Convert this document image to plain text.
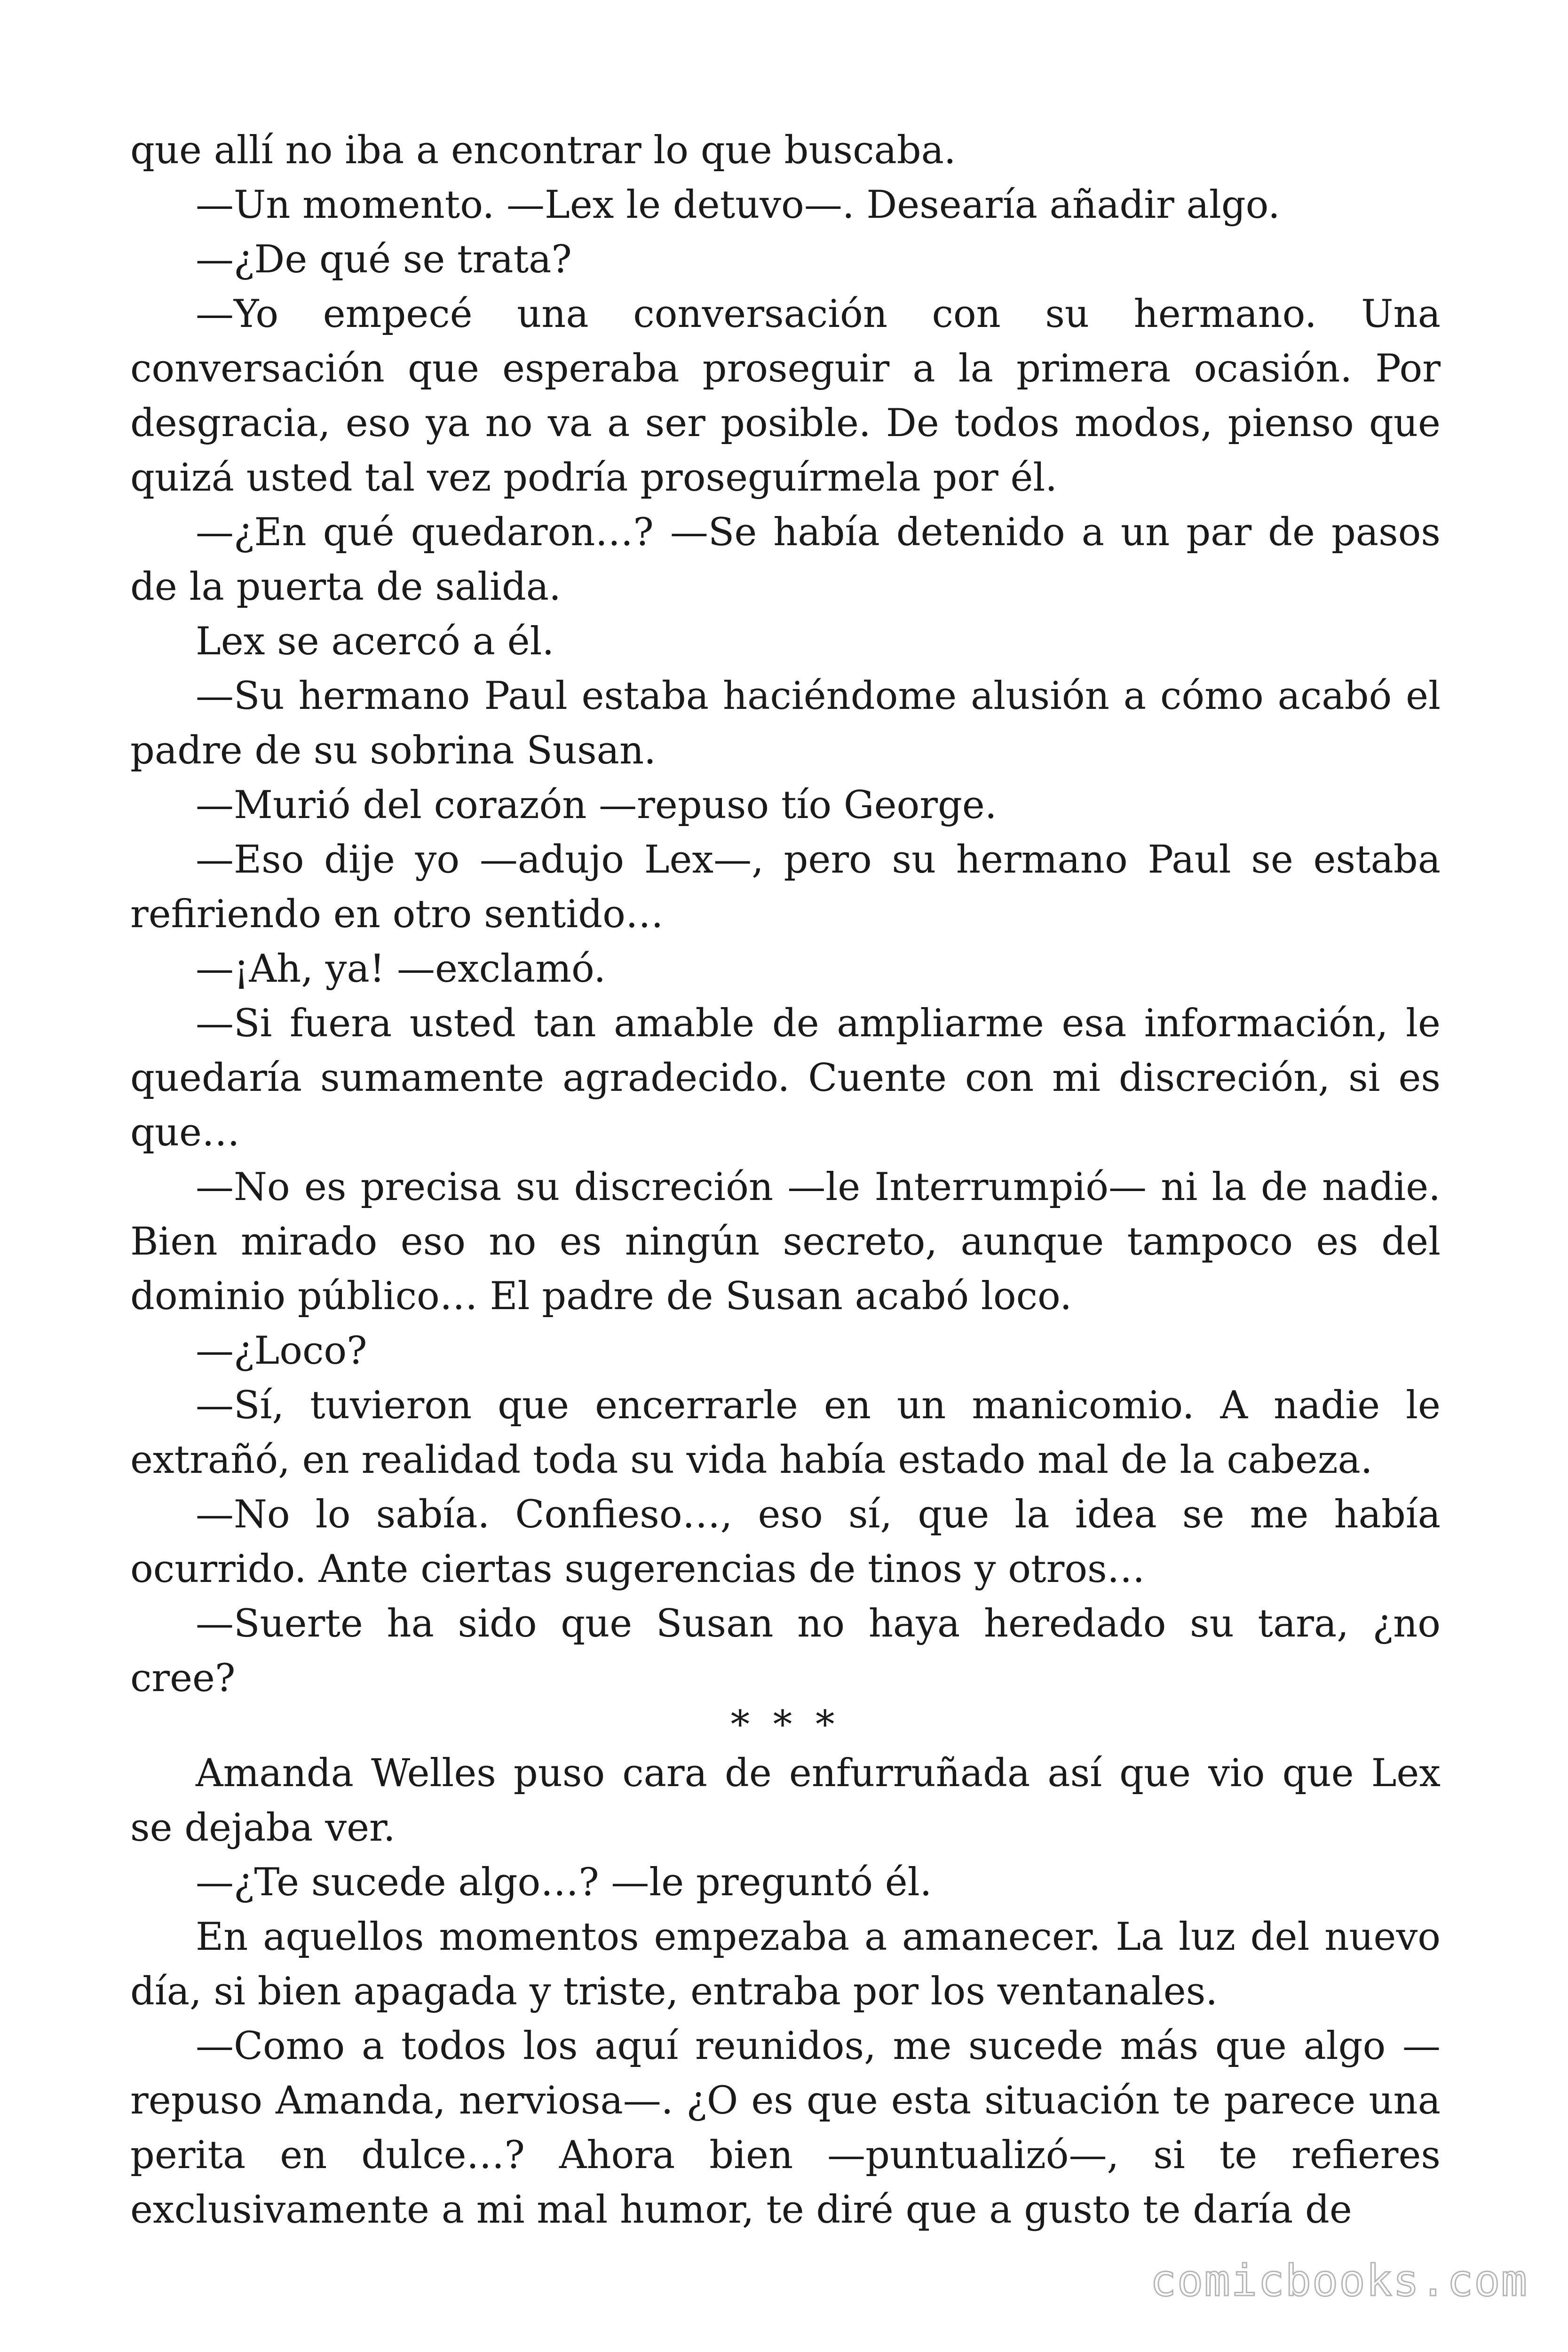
que allí no iba a encontrar lo que buscaba.

—Un momento. —Lex le detuvo—. Desearía añadir algo.

—¿De qué se trata?

—Yo empecé una conversación con su hermano. Una conversación que esperaba proseguir a la primera ocasión. Por desgracia, eso ya no va a ser posible. De todos modos, pienso que quizá usted tal vez podría proseguírmela por él.

—¿En qué quedaron…? —Se había detenido a un par de pasos de la puerta de salida.

Lex se acercó a él.

—Su hermano Paul estaba haciéndome alusión a cómo acabó el padre de su sobrina Susan.

—Murió del corazón —repuso tío George.

—Eso dije yo —adujo Lex—, pero su hermano Paul se estaba refiriendo en otro sentido…

—¡Ah, ya! —exclamó.

—Si fuera usted tan amable de ampliarme esa información, le quedaría sumamente agradecido. Cuente con mi discreción, si es que…

—No es precisa su discreción —le Interrumpió— ni la de nadie. Bien mirado eso no es ningún secreto, aunque tampoco es del dominio público… El padre de Susan acabó loco.

—¿Loco?

—Sí, tuvieron que encerrarle en un manicomio. A nadie le extrañó, en realidad toda su vida había estado mal de la cabeza.

—No lo sabía. Confieso…, eso sí, que la idea se me había ocurrido. Ante ciertas sugerencias de tinos y otros…

—Suerte ha sido que Susan no haya heredado su tara, ¿no cree?

* * *

Amanda Welles puso cara de enfurruñada así que vio que Lex se dejaba ver.

—¿Te sucede algo…? —le preguntó él.

En aquellos momentos empezaba a amanecer. La luz del nuevo día, si bien apagada y triste, entraba por los ventanales.

—Como a todos los aquí reunidos, me sucede más que algo —repuso Amanda, nerviosa—. ¿O es que esta situación te parece una perita en dulce…? Ahora bien —puntualizó—, si te refieres exclusivamente a mi mal humor, te diré que a gusto te daría de

comicbooks.com
